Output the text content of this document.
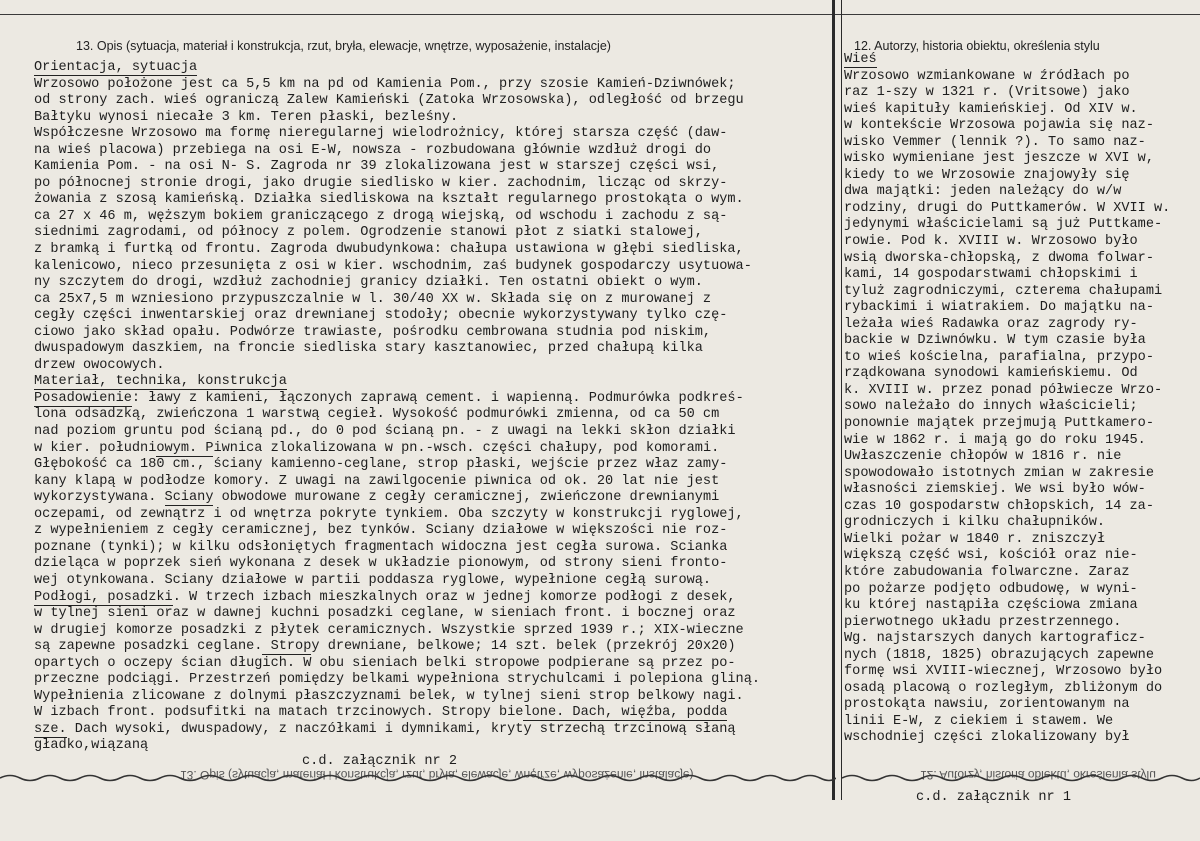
13. Opis (sytuacja, materiał i konstrukcja, rzut, bryła, elewacje, wnętrze, wyposażenie, instalacje)	12. Autorzy, historia obiektu, określenia stylu
Orientacja, sytuacja
Wrzosowo położone jest ca 5,5 km na pd od Kamienia Pom., przy szosie Kamień-Dziwnówek;
od strony zach. wieś ograniczą Zalew Kamieński (Zatoka Wrzosowska), odległość od brzegu
Bałtyku wynosi niecałe 3 km. Teren płaski, bezleśny.
Współczesne Wrzosowo ma formę nieregularnej wielodrożnicy, której starsza część (daw-
na wieś placowa) przebiega na osi E-W, nowsza - rozbudowana głównie wzdłuż drogi do
Kamienia Pom. - na osi N- S. Zagroda nr 39 zlokalizowana jest w starszej części wsi,
po północnej stronie drogi, jako drugie siedlisko w kier. zachodnim, licząc od skrzy-
żowania z szosą kamieńską. Działka siedliskowa na kształt regularnego prostokąta o wym.
ca 27 x 46 m, węższym bokiem graniczącego z drogą wiejską, od wschodu i zachodu z są-
siednimi zagrodami, od północy z polem. Ogrodzenie stanowi płot z siatki stalowej,
z bramką i furtką od frontu. Zagroda dwubudynkowa: chałupa ustawiona w głębi siedliska,
kalenicowo, nieco przesunięta z osi w kier. wschodnim, zaś budynek gospodarczy usytuowa-
ny szczytem do drogi, wzdłuż zachodniej granicy działki. Ten ostatni obiekt o wym.
ca 25x7,5 m wzniesiono przypuszczalnie w l. 30/40 XX w. Składa się on z murowanej z
cegły części inwentarskiej oraz drewnianej stodoły; obecnie wykorzystywany tylko czę-
ciowo jako skład opału. Podwórze trawiaste, pośrodku cembrowana studnia pod niskim,
dwuspadowym daszkiem, na froncie siedliska stary kasztanowiec, przed chałupą kilka
drzew owocowych.
Materiał, technika, konstrukcja
Posadowienie: ławy z kamieni, łączonych zaprawą cement. i wapienną. Podmurówka podkreś-
lona odsadzką, zwieńczona 1 warstwą cegieł. Wysokość podmurówki zmienna, od ca 50 cm
nad poziom gruntu pod ścianą pd., do 0 pod ścianą pn. - z uwagi na lekki skłon działki
w kier. południowym. Piwnica zlokalizowana w pn.-wsch. części chałupy, pod komorami.
Głębokość ca 180 cm., ściany kamienno-ceglane, strop płaski, wejście przez właz zamy-
kany klapą w podłodze komory. Z uwagi na zawilgocenie piwnica od ok. 20 lat nie jest
wykorzystywana. Ściany obwodowe murowane z cegły ceramicznej, zwieńczone drewnianymi
oczepami, od zewnątrz i od wnętrza pokryte tynkiem. Oba szczyty w konstrukcji ryglowej,
z wypełnieniem z cegły ceramicznej, bez tynków. Ściany działowe w większości nie roz-
poznane (tynki); w kilku odsłoniętych fragmentach widoczna jest cegła surowa. Ścianka
dzieląca w poprzek sień wykonana z desek w układzie pionowym, od strony sieni fronto-
wej otynkowana. Ściany działowe w partii poddasza ryglowe, wypełnione cegłą surową.
Podłogi, posadzki. W trzech izbach mieszkalnych oraz w jednej komorze podłogi z desek,
w tylnej sieni oraz w dawnej kuchni posadzki ceglane, w sieniach front. i bocznej oraz
w drugiej komorze posadzki z płytek ceramicznych. Wszystkie sprzed 1939 r.; XIX-wieczne
są zapewne posadzki ceglane. Stropy drewniane, belkowe; 14 szt. belek (przekrój 20x20)
opartych o oczepy ścian długich. W obu sieniach belki stropowe podpierane są przez po-
przeczne podciągi. Przestrzeń pomiędzy belkami wypełniona strychulcami i polepiona gliną.
Wypełnienia zlicowane z dolnymi płaszczyznami belek, w tylnej sieni strop belkowy nagi.
W izbach front. podsufitki na matach trzcinowych. Stropy bielone. Dach, więźba, podda
sze. Dach wysoki, dwuspadowy, z naczółkami i dymnikami, kryty strzechą trzcinową słaną
gładko,wiązaną
Wieś
Wrzosowo wzmiankowane w źródłach po
raz 1-szy w 1321 r. (Vritsowe) jako
wieś kapituły kamieńskiej. Od XIV w.
w kontekście Wrzosowa pojawia się naz-
wisko Vemmer (lennik ?). To samo naz-
wisko wymieniane jest jeszcze w XVI w,
kiedy to we Wrzosowie znajowyły się
dwa majątki: jeden należący do w/w
rodziny, drugi do Puttkamerów. W XVII w.
jedynymi właścicielami są już Puttkame-
rowie. Pod k. XVIII w. Wrzosowo było
wsią dworska-chłopską, z dwoma folwar-
kami, 14 gospodarstwami chłopskimi i
tyluż zagrodniczymi, czterema chałupami
rybackimi i wiatrakiem. Do majątku na-
leżała wieś Radawka oraz zagrody ry-
backie w Dziwnówku. W tym czasie była
to wieś kościelna, parafialna, przypo-
rządkowana synodowi kamieńskiemu. Od
k. XVIII w. przez ponad półwiecze Wrzo-
sowo należało do innych właścicieli;
ponownie majątek przejmują Puttkamero-
wie w 1862 r. i mają go do roku 1945.
Uwłaszczenie chłopów w 1816 r. nie
spowodowało istotnych zmian w zakresie
własności ziemskiej. We wsi było wów-
czas 10 gospodarstw chłopskich, 14 za-
grodniczych i kilku chałupników.
Wielki pożar w 1840 r. zniszczył
większą część wsi, kościół oraz nie-
które zabudowania folwarczne. Zaraz
po pożarze podjęto odbudowę, w wyni-
ku której nastąpiła częściowa zmiana
pierwotnego układu przestrzennego.
Wg. najstarszych danych kartograficz-
nych (1818, 1825) obrazujących zapewne
formę wsi XVIII-wiecznej, Wrzosowo było
osadą placową o rozległym, zbliżonym do
prostokąta nawsiu, zorientowanym na
linii E-W, z ciekiem i stawem. We
wschodniej części zlokalizowany był
c.d. załącznik nr 2
c.d. załącznik nr 1
13. Opis (sytuacja, materiał i konstrukcja, rzut, bryła, elewacje, wnętrze, wyposażenie, instalacje)	12. Autorzy, historia obiektu, określenia stylu
